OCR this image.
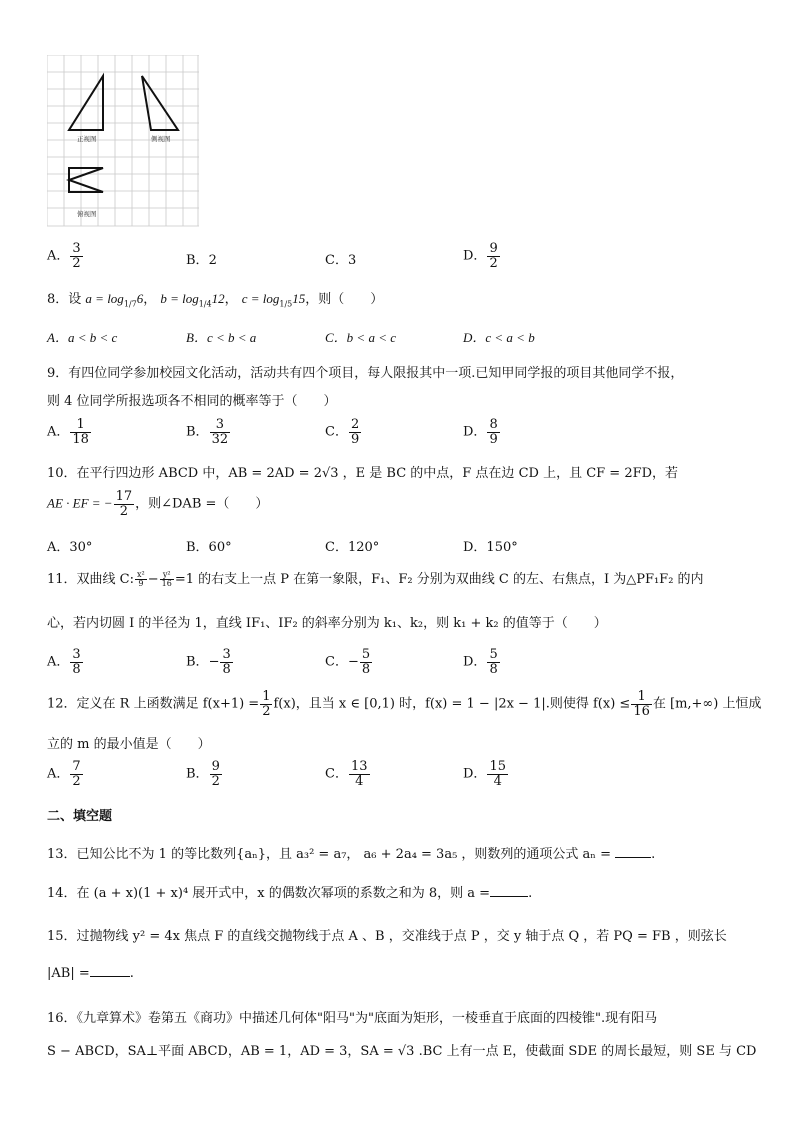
正视图	侧视图
俯视图
A． $\frac{3}{2}$	B．2	C．3	D． $\frac{9}{2}$
8．设 $a = \log_{1/7}6$， $b = \log_{1/4}12$， $c = \log_{1/5}15$，则（　　）
A．a < b < c	B．c < b < a	C．b < a < c	D．c < a < b
9．有四位同学参加校园文化活动，活动共有四个项目，每人限报其中一项.已知甲同学报的项目其他同学不报，
则 4 位同学所报选项各不相同的概率等于（　　）
A． $\frac{1}{18}$	B． $\frac{3}{32}$	C． $\frac{2}{9}$	D． $\frac{8}{9}$
10．在平行四边形 ABCD 中，AB = 2AD = 2√3 ，E 是 BC 的中点，F 点在边 CD 上，且 CF = 2FD，若
AE · EF = − $\frac{17}{2}$ ，则∠DAB =（　　）
A．30°	B．60°	C．120°	D．150°
11．双曲线 C: $\frac{\text{x²}}{9} - \frac{\text{y²}}{16} =1$ 的右支上一点 P 在第一象限，F₁、F₂ 分别为双曲线 C 的左、右焦点，I 为△PF₁F₂ 的内
心，若内切圆 I 的半径为 1，直线 IF₁、IF₂ 的斜率分别为 k₁、k₂，则 k₁ + k₂ 的值等于（　　）
A． $\frac{3}{8}$	B．− $\frac{3}{8}$	C．− $\frac{5}{8}$	D． $\frac{5}{8}$
12．定义在 R 上函数满足 $f(x+1) = \frac{1}{2} f(x)$，且当 x ∈ [0,1) 时，f(x) = 1 − |2x − 1|.则使得 $f(x) \le \frac{1}{16}$ 在 [m,+∞) 上恒成
立的 m 的最小值是（　　）
A． $\frac{7}{2}$	B． $\frac{9}{2}$	C． $\frac{13}{4}$	D． $\frac{15}{4}$
二、填空题
13．已知公比不为 1 的等比数列{aₙ}，且 a₃² = a₇， a₆ + 2a₄ = 3a₅ ，则数列的通项公式 aₙ =	.
14．在 (a + x)(1 + x)⁴ 展开式中，x 的偶数次幂项的系数之和为 8，则 a =	.
15．过抛物线 y² = 4x 焦点 F 的直线交抛物线于点 A 、B ，交准线于点 P ，交 y 轴于点 Q ，若 PQ = FB ，则弦长
|AB| =	.
16．《九章算术》卷第五《商功》中描述几何体"阳马"为"底面为矩形，一棱垂直于底面的四棱锥".现有阳马
S − ABCD，SA⊥平面 ABCD，AB = 1，AD = 3，SA = √3 .BC 上有一点 E，使截面 SDE 的周长最短，则 SE 与 CD
